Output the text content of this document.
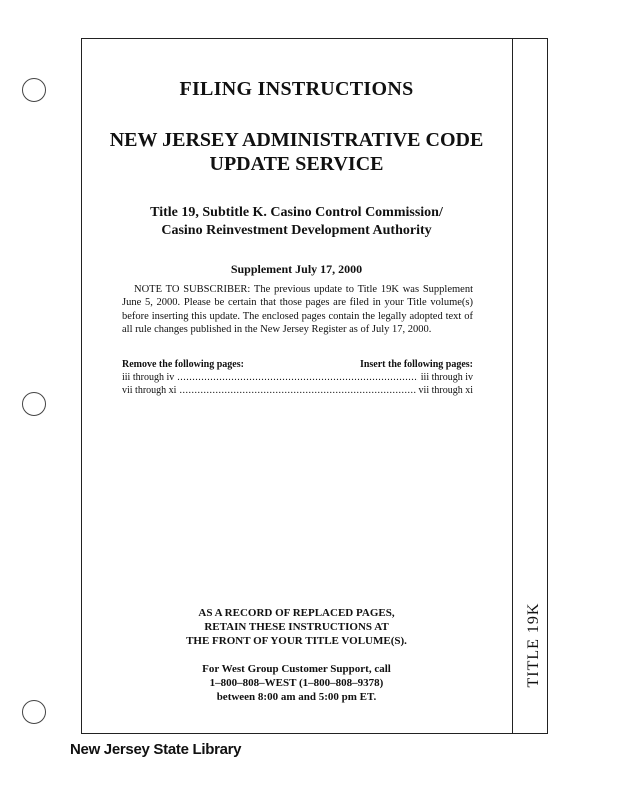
FILING INSTRUCTIONS
NEW JERSEY ADMINISTRATIVE CODE
UPDATE SERVICE
Title 19, Subtitle K. Casino Control Commission/
Casino Reinvestment Development Authority
Supplement July 17, 2000
NOTE TO SUBSCRIBER: The previous update to Title 19K was Supplement June 5, 2000. Please be certain that those pages are filed in your Title volume(s) before inserting this update. The enclosed pages contain the legally adopted text of all rule changes published in the New Jersey Register as of July 17, 2000.
Remove the following pages:	Insert the following pages:
iii through iv .....	iii through iv
vii through xi .....	vii through xi
AS A RECORD OF REPLACED PAGES,
RETAIN THESE INSTRUCTIONS AT
THE FRONT OF YOUR TITLE VOLUME(S).
For West Group Customer Support, call
1–800–808–WEST (1–800–808–9378)
between 8:00 am and 5:00 pm ET.
TITLE 19K
New Jersey State Library
